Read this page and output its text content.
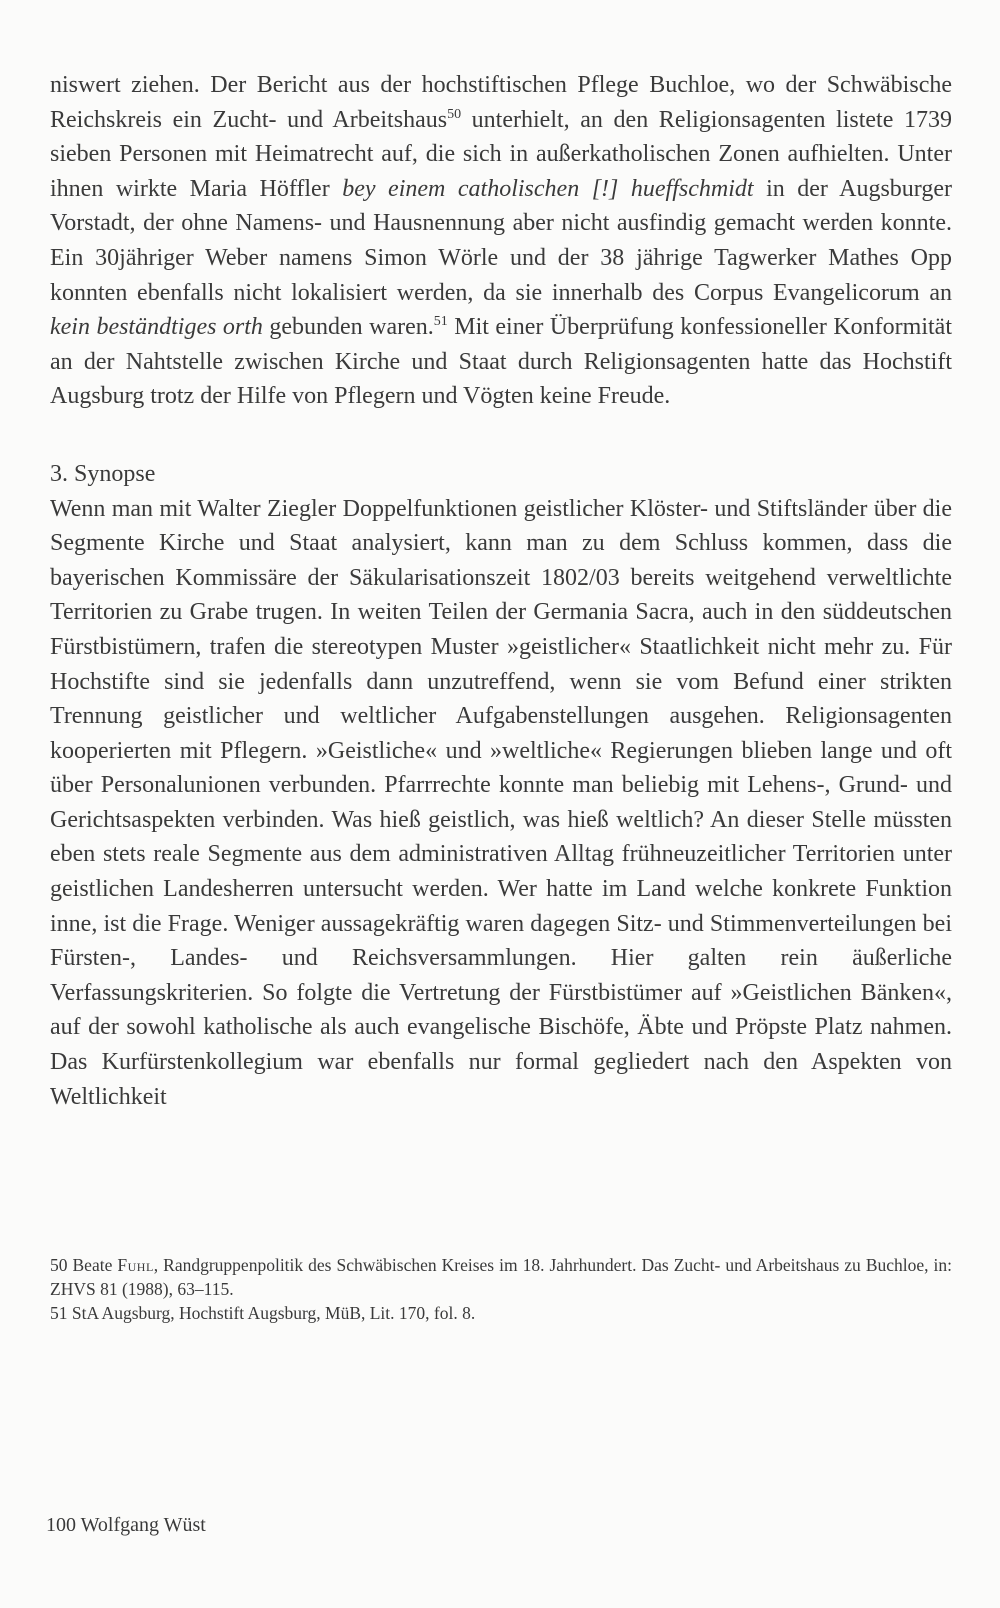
niswert ziehen. Der Bericht aus der hochstiftischen Pflege Buchloe, wo der Schwäbische Reichskreis ein Zucht- und Arbeitshaus$^{50}$ unterhielt, an den Religionsagenten listete 1739 sieben Personen mit Heimatrecht auf, die sich in außerkatholischen Zonen aufhielten. Unter ihnen wirkte Maria Höffler bey einem catholischen [!] hueffschmidt in der Augsburger Vorstadt, der ohne Namens- und Hausnennung aber nicht ausfindig gemacht werden konnte. Ein 30jähriger Weber namens Simon Wörle und der 38 jährige Tagwerker Mathes Opp konnten ebenfalls nicht lokalisiert werden, da sie innerhalb des Corpus Evangelicorum an kein beständtiges orth gebunden waren.$^{51}$ Mit einer Überprüfung konfessioneller Konformität an der Nahtstelle zwischen Kirche und Staat durch Religionsagenten hatte das Hochstift Augsburg trotz der Hilfe von Pflegern und Vögten keine Freude.

3. Synopse

Wenn man mit Walter Ziegler Doppelfunktionen geistlicher Klöster- und Stiftsländer über die Segmente Kirche und Staat analysiert, kann man zu dem Schluss kommen, dass die bayerischen Kommissäre der Säkularisationszeit 1802/03 bereits weitgehend verweltlichte Territorien zu Grabe trugen. In weiten Teilen der Germania Sacra, auch in den süddeutschen Fürstbistümern, trafen die stereotypen Muster »geistlicher« Staatlichkeit nicht mehr zu. Für Hochstifte sind sie jedenfalls dann unzutreffend, wenn sie vom Befund einer strikten Trennung geistlicher und weltlicher Aufgabenstellungen ausgehen. Religionsagenten kooperierten mit Pflegern. »Geistliche« und »weltliche« Regierungen blieben lange und oft über Personalunionen verbunden. Pfarrrechte konnte man beliebig mit Lehens-, Grund- und Gerichtsaspekten verbinden. Was hieß geistlich, was hieß weltlich? An dieser Stelle müssten eben stets reale Segmente aus dem administrativen Alltag frühneuzeitlicher Territorien unter geistlichen Landesherren untersucht werden. Wer hatte im Land welche konkrete Funktion inne, ist die Frage. Weniger aussagekräftig waren dagegen Sitz- und Stimmenverteilungen bei Fürsten-, Landes- und Reichsversammlungen. Hier galten rein äußerliche Verfassungskriterien. So folgte die Vertretung der Fürstbistümer auf »Geistlichen Bänken«, auf der sowohl katholische als auch evangelische Bischöfe, Äbte und Pröpste Platz nahmen. Das Kurfürstenkollegium war ebenfalls nur formal gegliedert nach den Aspekten von Weltlichkeit

50 Beate Fuhl, Randgruppenpolitik des Schwäbischen Kreises im 18. Jahrhundert. Das Zucht- und Arbeitshaus zu Buchloe, in: ZHVS 81 (1988), 63–115.

51 StA Augsburg, Hochstift Augsburg, MüB, Lit. 170, fol. 8.

100 Wolfgang Wüst
